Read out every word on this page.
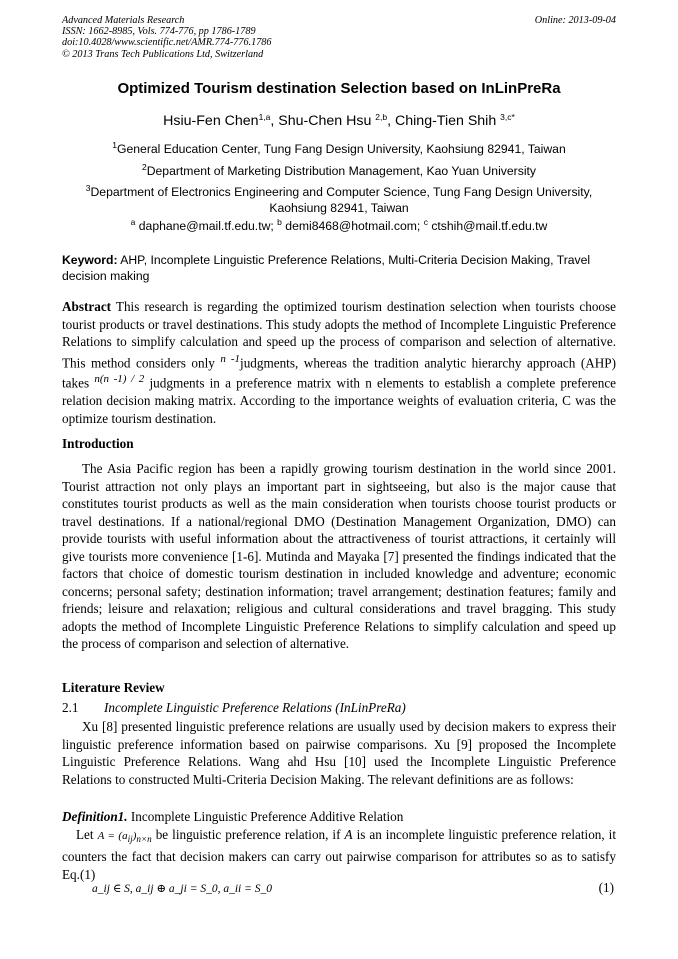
Advanced Materials Research
ISSN: 1662-8985, Vols. 774-776, pp 1786-1789
doi:10.4028/www.scientific.net/AMR.774-776.1786
© 2013 Trans Tech Publications Ltd, Switzerland
Online: 2013-09-04
Optimized Tourism destination Selection based on InLinPreRa
Hsiu-Fen Chen$^{1,a}$, Shu-Chen Hsu $^{2,b}$, Ching-Tien Shih $^{3,c*}$
$^1$General Education Center, Tung Fang Design University, Kaohsiung 82941, Taiwan
$^2$Department of Marketing Distribution Management, Kao Yuan University
$^3$Department of Electronics Engineering and Computer Science, Tung Fang Design University,
Kaohsiung 82941, Taiwan
$^a$ daphane@mail.tf.edu.tw; $^b$ demi8468@hotmail.com; $^c$ ctshih@mail.tf.edu.tw
Keyword: AHP, Incomplete Linguistic Preference Relations, Multi-Criteria Decision Making, Travel decision making
Abstract This research is regarding the optimized tourism destination selection when tourists choose tourist products or travel destinations. This study adopts the method of Incomplete Linguistic Preference Relations to simplify calculation and speed up the process of comparison and selection of alternative. This method considers only $^{n -1}$judgments, whereas the tradition analytic hierarchy approach (AHP) takes $^{n(n -1) / 2}$ judgments in a preference matrix with n elements to establish a complete preference relation decision making matrix. According to the importance weights of evaluation criteria, C was the optimize tourism destination.
Introduction
The Asia Pacific region has been a rapidly growing tourism destination in the world since 2001. Tourist attraction not only plays an important part in sightseeing, but also is the major cause that constitutes tourist products as well as the main consideration when tourists choose tourist products or travel destinations. If a national/regional DMO (Destination Management Organization, DMO) can provide tourists with useful information about the attractiveness of tourist attractions, it certainly will give tourists more convenience [1-6]. Mutinda and Mayaka [7] presented the findings indicated that the factors that choice of domestic tourism destination in included knowledge and adventure; economic concerns; personal safety; destination information; travel arrangement; destination features; family and friends; leisure and relaxation; religious and cultural considerations and travel bragging. This study adopts the method of Incomplete Linguistic Preference Relations to simplify calculation and speed up the process of comparison and selection of alternative.
Literature Review
2.1 Incomplete Linguistic Preference Relations (InLinPreRa)
Xu [8] presented linguistic preference relations are usually used by decision makers to express their linguistic preference information based on pairwise comparisons. Xu [9] proposed the Incomplete Linguistic Preference Relations. Wang ahd Hsu [10] used the Incomplete Linguistic Preference Relations to constructed Multi-Criteria Decision Making. The relevant definitions are as follows:
Definition1. Incomplete Linguistic Preference Additive Relation
Let $A = (a_{ij})_{n\times n}$ be linguistic preference relation, if A is an incomplete linguistic preference relation, it counters the fact that decision makers can carry out pairwise comparison for attributes so as to satisfy Eq.(1)
a_ij ∈ S, a_ij ⊕ a_ji = S_0, a_ii = S_0	(1)
